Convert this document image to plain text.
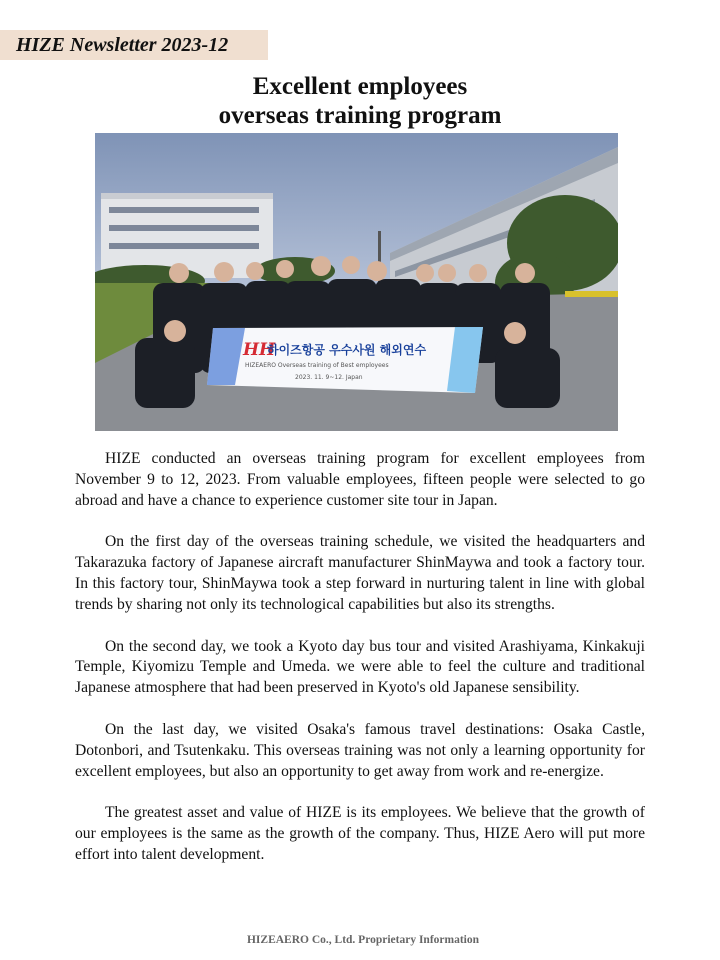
HIZE Newsletter 2023-12
Excellent employees
overseas training program
HH
하이즈항공 우수사원 해외연수
HIZEAERO Overseas training of Best employees
2023. 11. 9~12. Japan

HIZE conducted an overseas training program for excellent employees from November 9 to 12, 2023. From valuable employees, fifteen people were selected to go abroad and have a chance to experience customer site tour in Japan.

On the first day of the overseas training schedule, we visited the headquarters and Takarazuka factory of Japanese aircraft manufacturer ShinMaywa and took a factory tour. In this factory tour, ShinMaywa took a step forward in nurturing talent in line with global trends by sharing not only its technological capabilities but also its strengths.

On the second day, we took a Kyoto day bus tour and visited Arashiyama, Kinkakuji Temple, Kiyomizu Temple and Umeda. we were able to feel the culture and traditional Japanese atmosphere that had been preserved in Kyoto's old Japanese sensibility.

On the last day, we visited Osaka's famous travel destinations: Osaka Castle, Dotonbori, and Tsutenkaku. This overseas training was not only a learning opportunity for excellent employees, but also an opportunity to get away from work and re-energize.

The greatest asset and value of HIZE is its employees. We believe that the growth of our employees is the same as the growth of the company. Thus, HIZE Aero will put more effort into talent development.

HIZEAERO Co., Ltd. Proprietary Information
